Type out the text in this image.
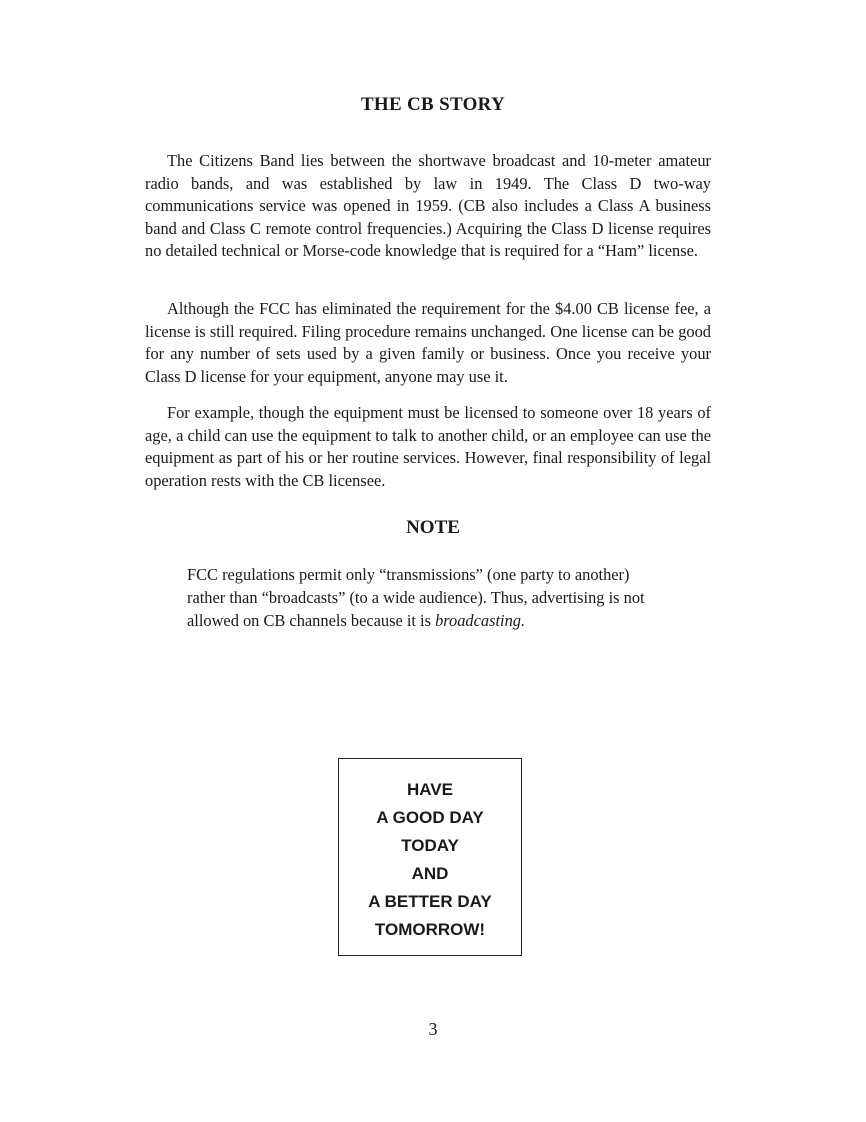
THE CB STORY

The Citizens Band lies between the shortwave broadcast and 10-meter amateur radio bands, and was established by law in 1949. The Class D two-way communications service was opened in 1959. (CB also includes a Class A business band and Class C remote control frequencies.) Acquiring the Class D license requires no detailed technical or Morse-code knowledge that is required for a “Ham” license.

Although the FCC has eliminated the requirement for the $4.00 CB license fee, a license is still required. Filing procedure remains unchanged. One license can be good for any number of sets used by a given family or business. Once you receive your Class D license for your equipment, anyone may use it.

For example, though the equipment must be licensed to someone over 18 years of age, a child can use the equipment to talk to another child, or an employee can use the equipment as part of his or her routine services. However, final responsibility of legal operation rests with the CB licensee.

NOTE

FCC regulations permit only “transmissions” (one party to another) rather than “broadcasts” (to a wide audience). Thus, advertising is not allowed on CB channels because it is broadcasting.

HAVE
A GOOD DAY
TODAY
AND
A BETTER DAY
TOMORROW!
3
